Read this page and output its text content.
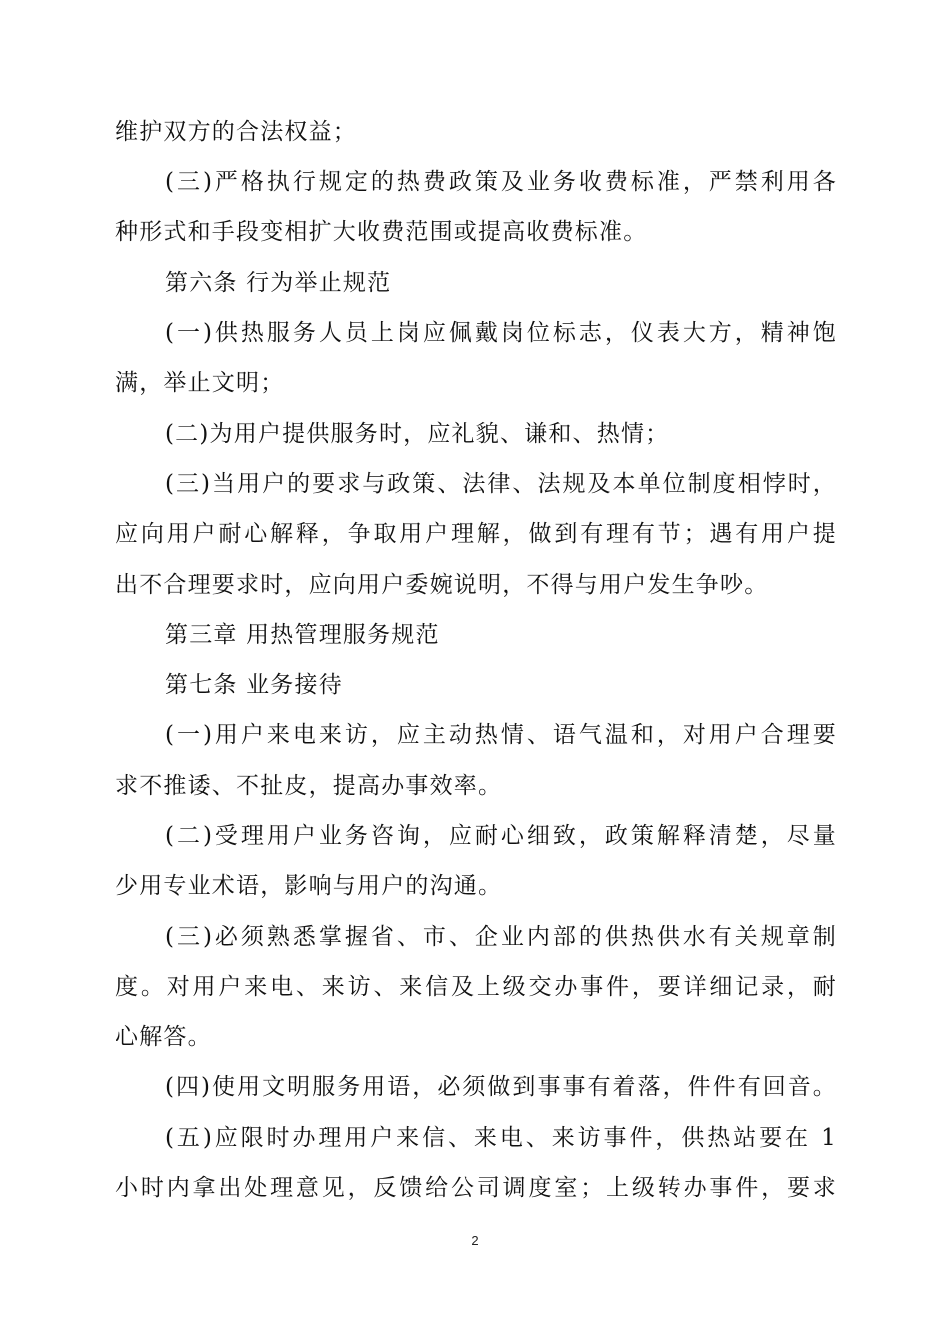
维护双方的合法权益；
(三)严格执行规定的热费政策及业务收费标准，严禁利用各
种形式和手段变相扩大收费范围或提高收费标准。
第六条 行为举止规范
(一)供热服务人员上岗应佩戴岗位标志，仪表大方，精神饱
满，举止文明；
(二)为用户提供服务时，应礼貌、谦和、热情；
(三)当用户的要求与政策、法律、法规及本单位制度相悖时，
应向用户耐心解释，争取用户理解，做到有理有节；遇有用户提
出不合理要求时，应向用户委婉说明，不得与用户发生争吵。
第三章 用热管理服务规范
第七条 业务接待
(一)用户来电来访，应主动热情、语气温和，对用户合理要
求不推诿、不扯皮，提高办事效率。
(二)受理用户业务咨询，应耐心细致，政策解释清楚，尽量
少用专业术语，影响与用户的沟通。
(三)必须熟悉掌握省、市、企业内部的供热供水有关规章制
度。对用户来电、来访、来信及上级交办事件，要详细记录，耐
心解答。
(四)使用文明服务用语，必须做到事事有着落，件件有回音。
(五)应限时办理用户来信、来电、来访事件，供热站要在 1
小时内拿出处理意见，反馈给公司调度室；上级转办事件，要求
2
